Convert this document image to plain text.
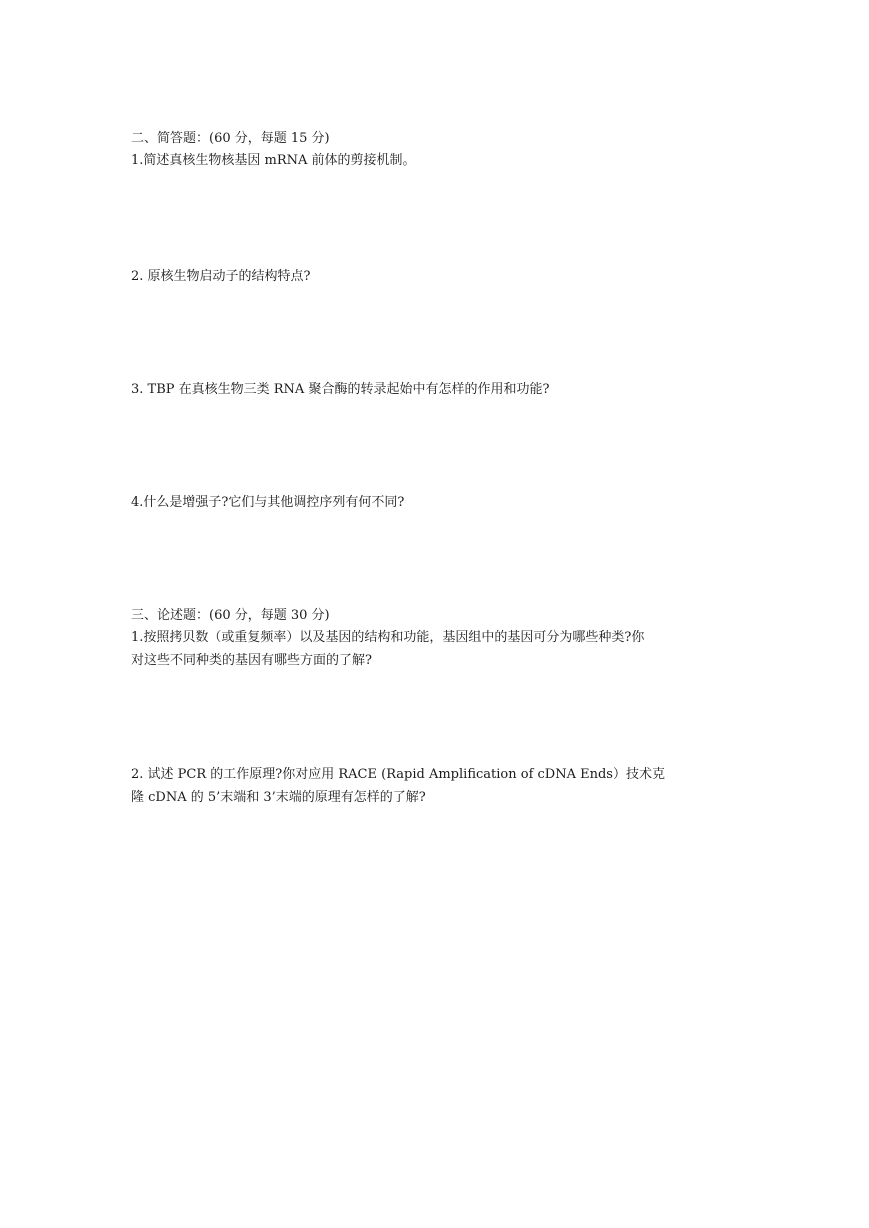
二、简答题：(60 分，每题 15 分)

1.简述真核生物核基因 mRNA 前体的剪接机制。

2. 原核生物启动子的结构特点?

3. TBP 在真核生物三类 RNA 聚合酶的转录起始中有怎样的作用和功能?

4.什么是增强子?它们与其他调控序列有何不同?

三、论述题：(60 分，每题 30 分)

1.按照拷贝数（或重复频率）以及基因的结构和功能，基因组中的基因可分为哪些种类?你

对这些不同种类的基因有哪些方面的了解?

2. 试述 PCR 的工作原理?你对应用 RACE (Rapid Amplification of cDNA Ends）技术克

隆 cDNA 的 5’末端和 3’末端的原理有怎样的了解?
